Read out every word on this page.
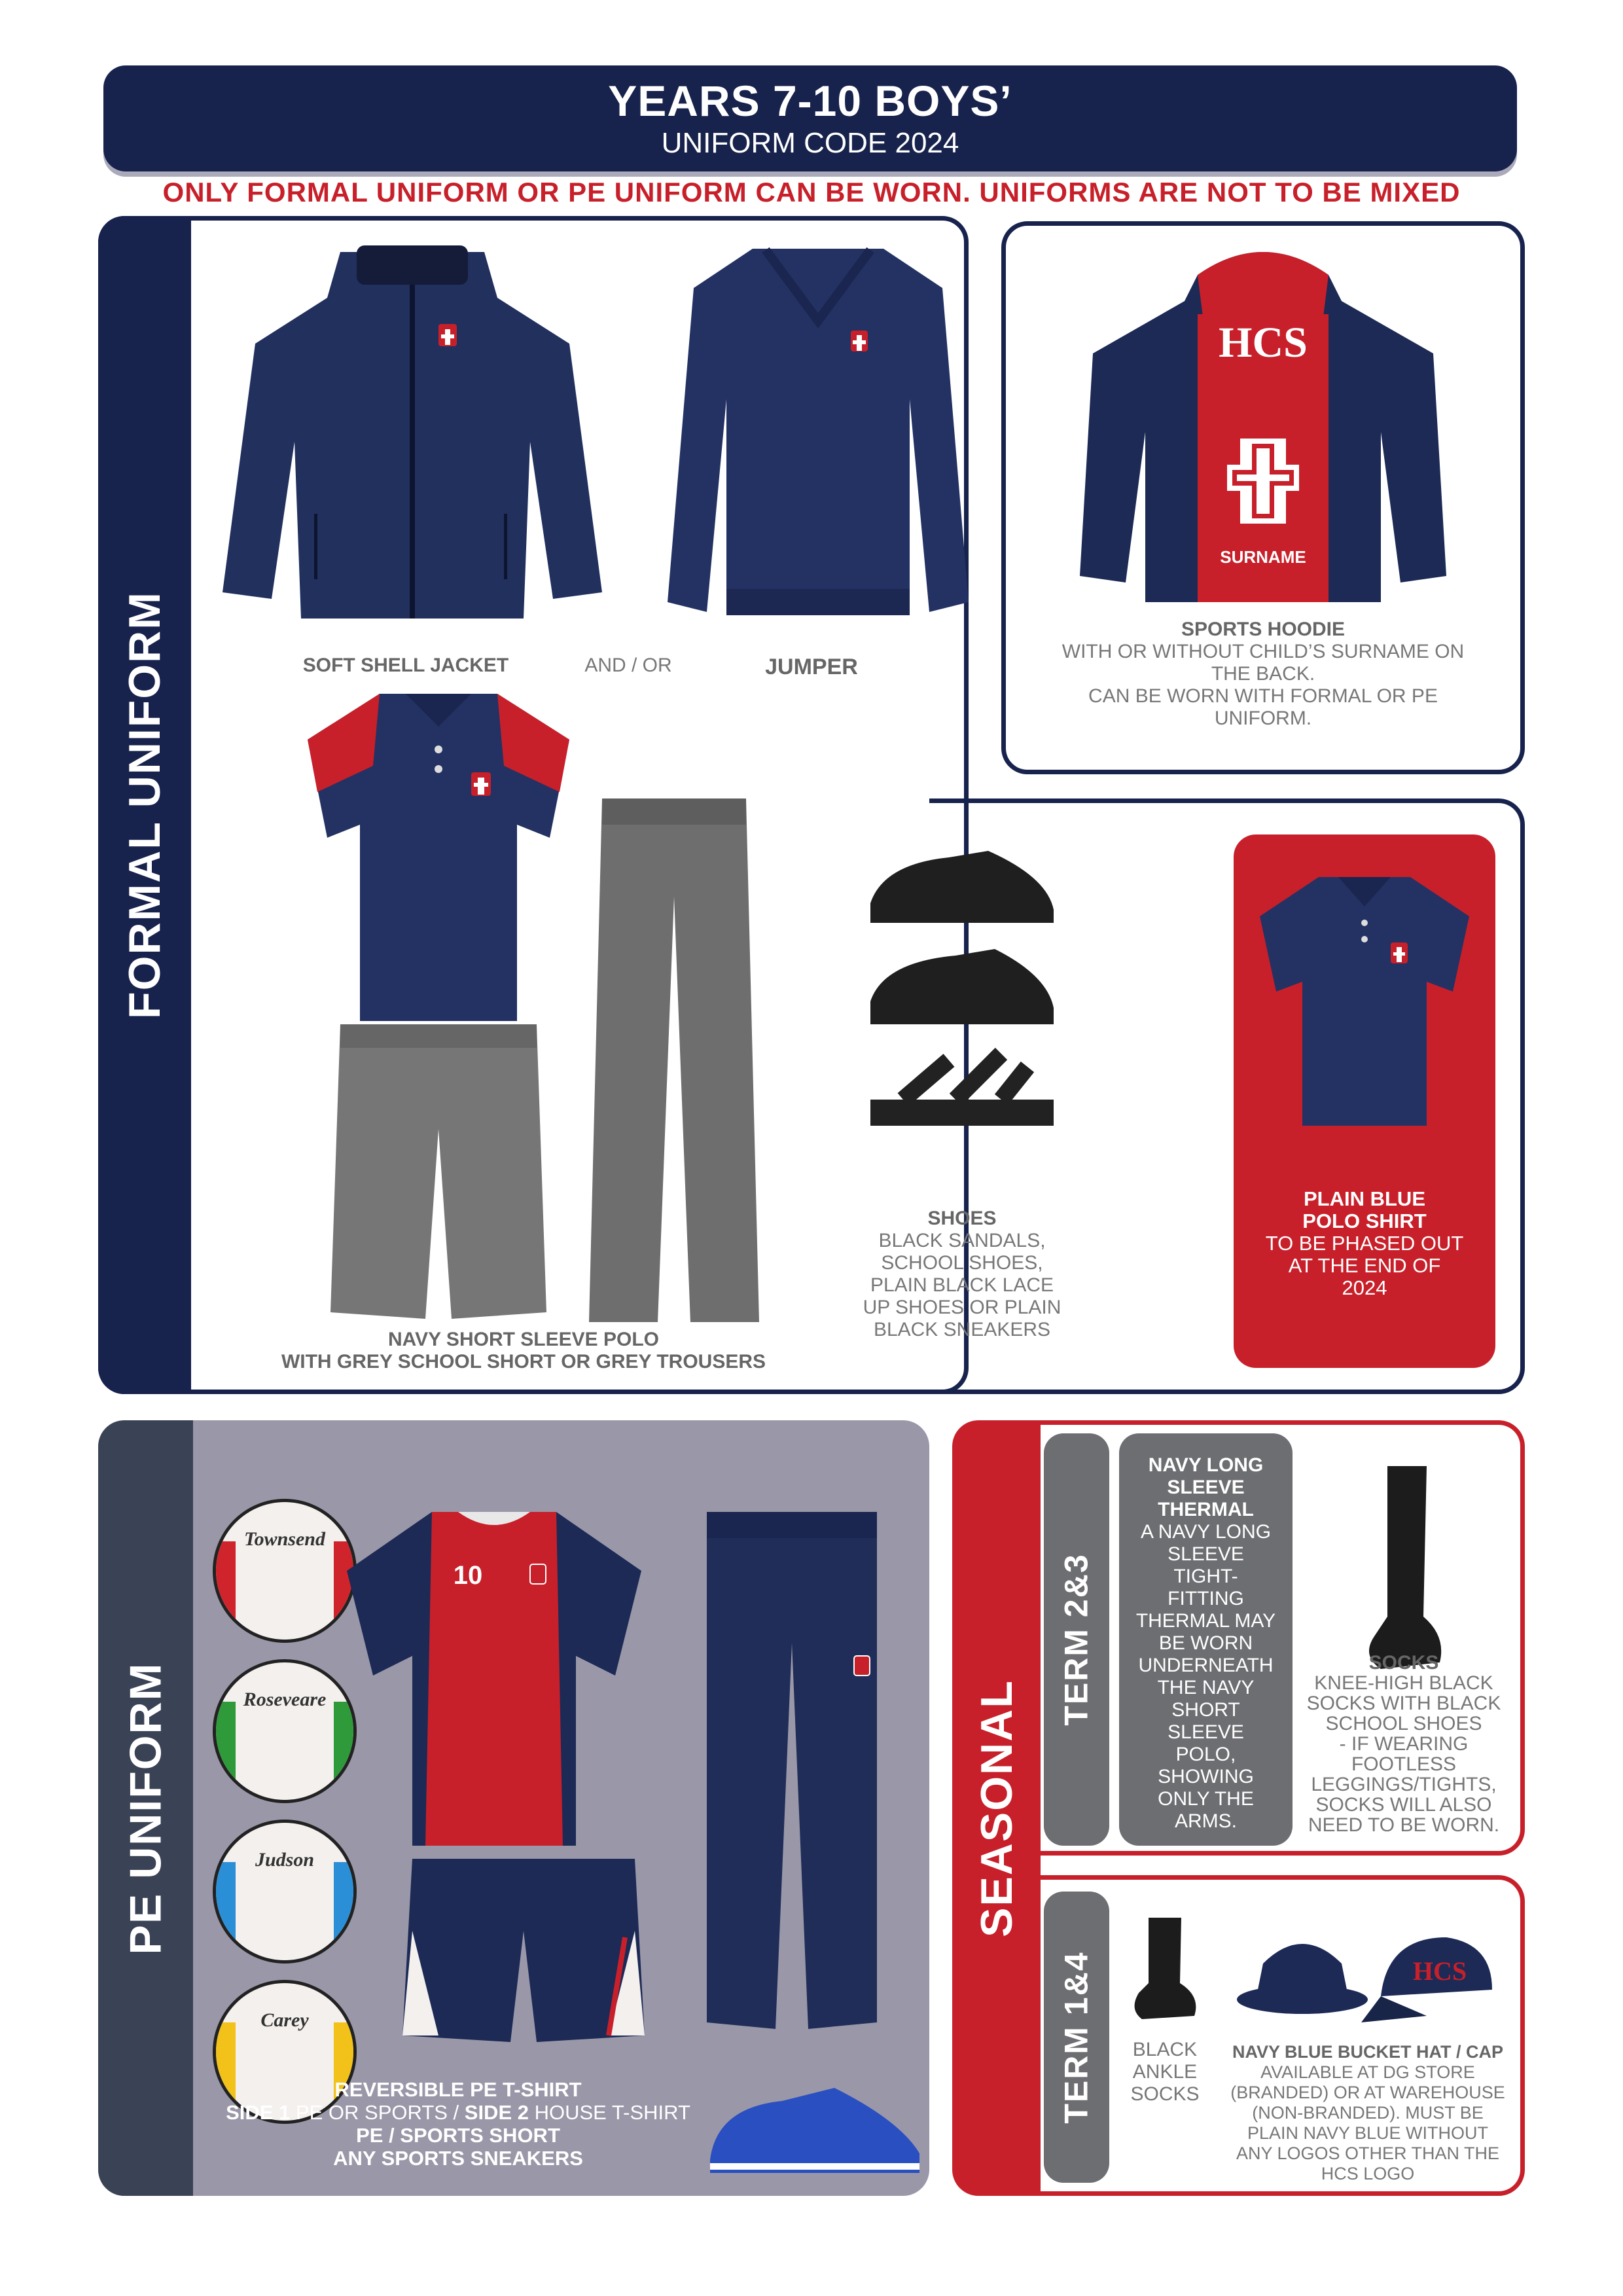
YEARS 7-10 BOYS’
UNIFORM CODE 2024
ONLY FORMAL UNIFORM OR PE UNIFORM CAN BE WORN. UNIFORMS ARE NOT TO BE MIXED
FORMAL UNIFORM	SOFT SHELL JACKET	AND / OR	JUMPER
NAVY SHORT SLEEVE POLO
WITH GREY SCHOOL SHORT OR GREY TROUSERS
SHOES
BLACK SANDALS,
SCHOOL SHOES,
PLAIN BLACK LACE
UP SHOES OR PLAIN
BLACK SNEAKERS
HCS
SURNAME
SPORTS HOODIE
WITH OR WITHOUT CHILD’S SURNAME ON
THE BACK.
CAN BE WORN WITH FORMAL OR PE
UNIFORM.
PLAIN BLUE
POLO SHIRT
TO BE PHASED OUT
AT THE END OF
2024
PE UNIFORM
Townsend
Roseveare
Judson
Carey
10
REVERSIBLE PE T-SHIRT
SIDE 1 PE OR SPORTS / SIDE 2 HOUSE T-SHIRT
PE / SPORTS SHORT
ANY SPORTS SNEAKERS
SEASONAL
TERM 2&3
NAVY LONG
SLEEVE
THERMAL
A NAVY LONG
SLEEVE
TIGHT-
FITTING
THERMAL MAY
BE WORN
UNDERNEATH
THE NAVY
SHORT
SLEEVE
POLO,
SHOWING
ONLY THE
ARMS.
SOCKS
KNEE-HIGH BLACK
SOCKS WITH BLACK
SCHOOL SHOES
- IF WEARING
FOOTLESS
LEGGINGS/TIGHTS,
SOCKS WILL ALSO
NEED TO BE WORN.
TERM 1&4	BLACK
ANKLE
SOCKS
HCS
NAVY BLUE BUCKET HAT / CAP
AVAILABLE AT DG STORE
(BRANDED) OR AT WAREHOUSE
(NON-BRANDED). MUST BE
PLAIN NAVY BLUE WITHOUT
ANY LOGOS OTHER THAN THE
HCS LOGO
